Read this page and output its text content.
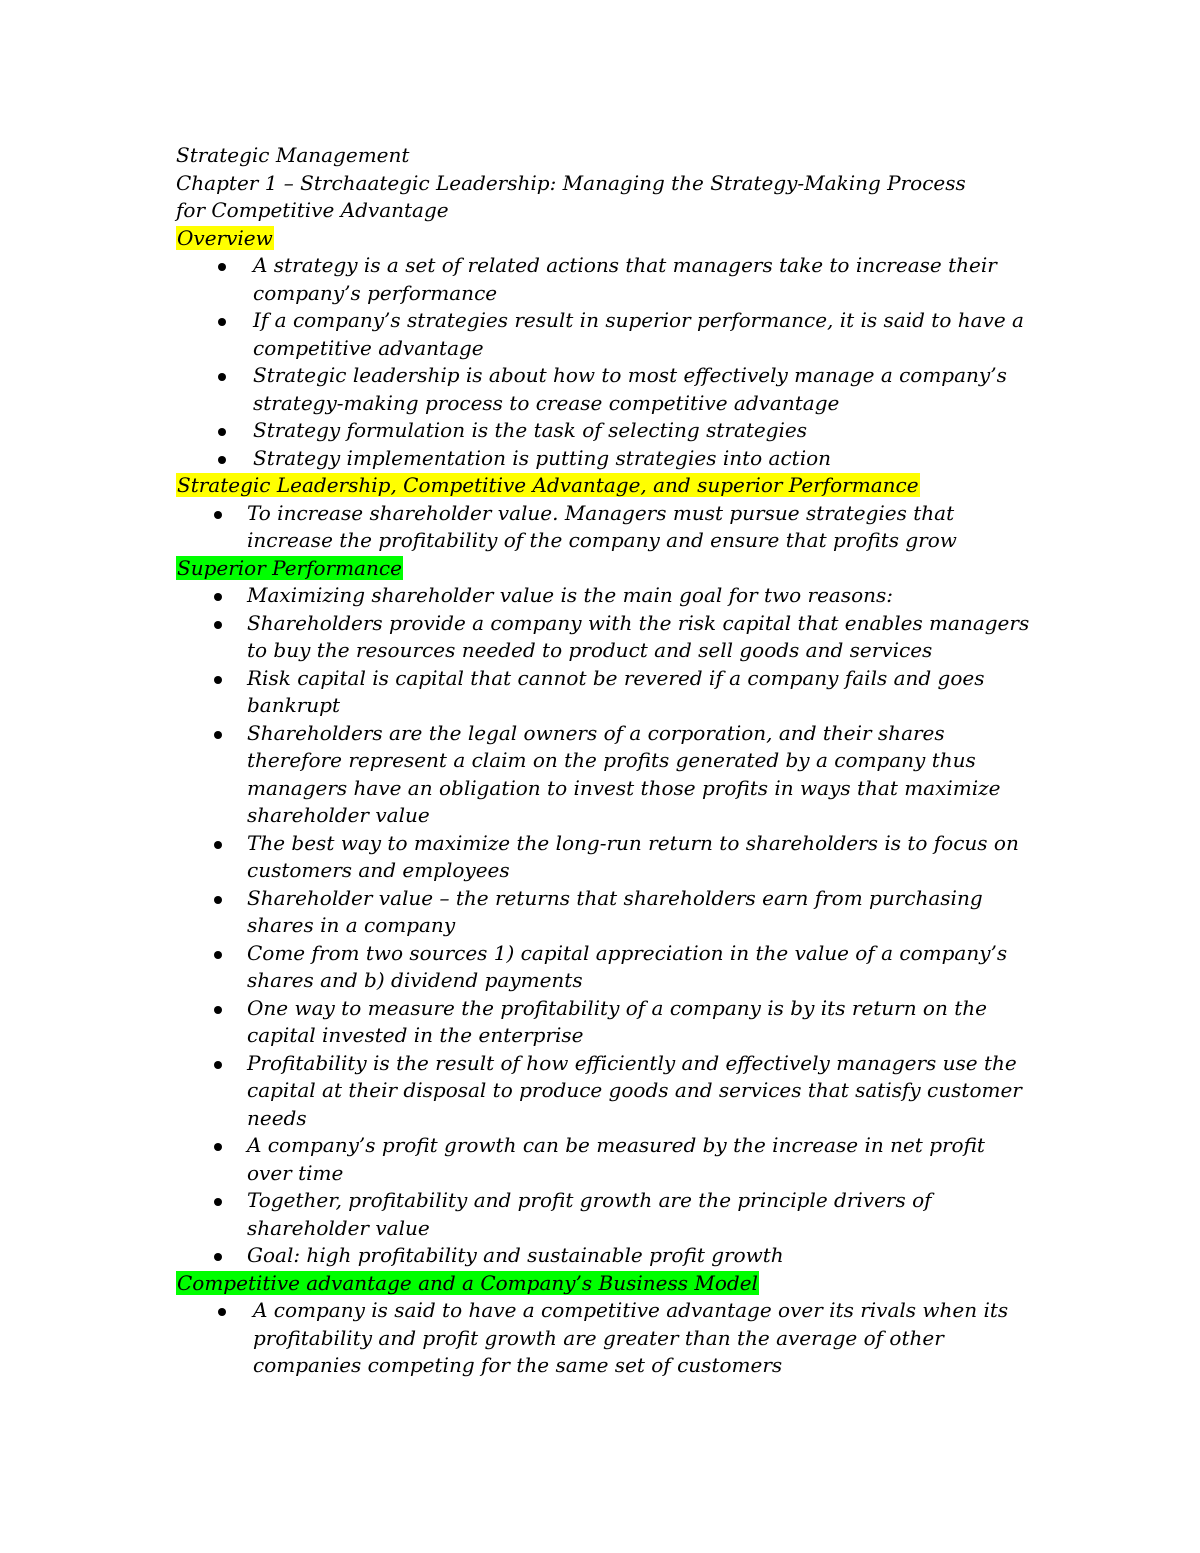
Strategic Management

Chapter 1 – Strchaategic Leadership: Managing the Strategy-Making Process for Competitive Advantage

Overview

A strategy is a set of related actions that managers take to increase their company’s performance
If a company’s strategies result in superior performance, it is said to have a competitive advantage
Strategic leadership is about how to most effectively manage a company’s strategy-making process to crease competitive advantage
Strategy formulation is the task of selecting strategies
Strategy implementation is putting strategies into action

Strategic Leadership, Competitive Advantage, and superior Performance

To increase shareholder value. Managers must pursue strategies that increase the profitability of the company and ensure that profits grow

Superior Performance

Maximizing shareholder value is the main goal for two reasons:
Shareholders provide a company with the risk capital that enables managers to buy the resources needed to product and sell goods and services
Risk capital is capital that cannot be revered if a company fails and goes bankrupt
Shareholders are the legal owners of a corporation, and their shares therefore represent a claim on the profits generated by a company thus managers have an obligation to invest those profits in ways that maximize shareholder value
The best way to maximize the long-run return to shareholders is to focus on customers and employees
Shareholder value – the returns that shareholders earn from purchasing shares in a company
Come from two sources 1) capital appreciation in the value of a company’s shares and b) dividend payments
One way to measure the profitability of a company is by its return on the capital invested in the enterprise
Profitability is the result of how efficiently and effectively managers use the capital at their disposal to produce goods and services that satisfy customer needs
A company’s profit growth can be measured by the increase in net profit over time
Together, profitability and profit growth are the principle drivers of shareholder value
Goal: high profitability and sustainable profit growth

Competitive advantage and a Company’s Business Model

A company is said to have a competitive advantage over its rivals when its profitability and profit growth are greater than the average of other companies competing for the same set of customers
